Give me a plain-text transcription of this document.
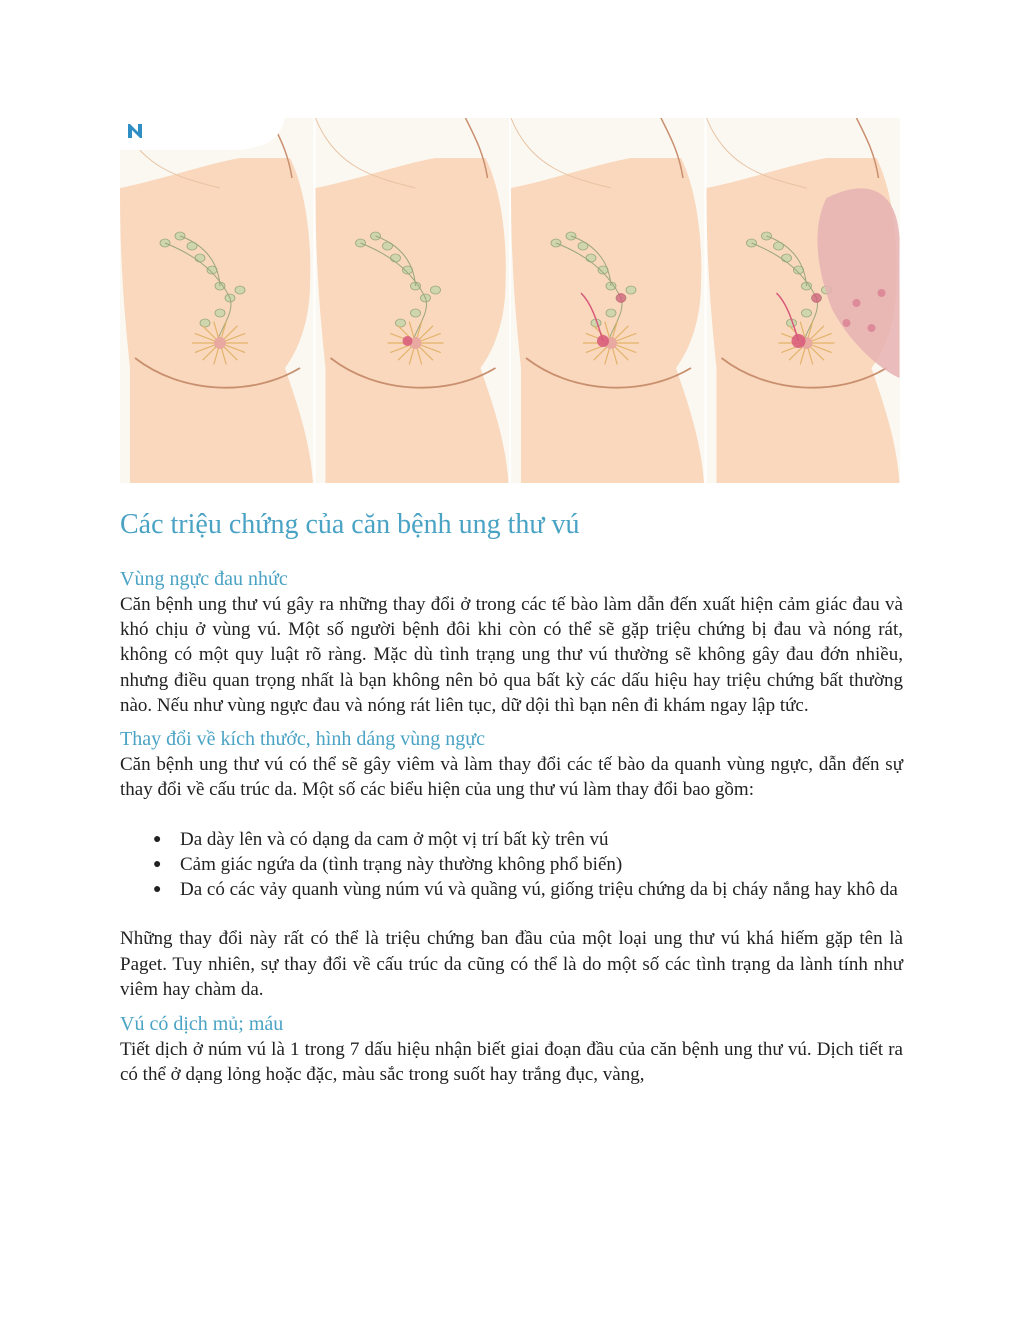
Các triệu chứng của căn bệnh ung thư vú
Vùng ngực đau nhức

Căn bệnh ung thư vú gây ra những thay đổi ở trong các tế bào làm dẫn đến xuất hiện cảm giác đau và khó chịu ở vùng vú. Một số người bệnh đôi khi còn có thể sẽ gặp triệu chứng bị đau và nóng rát, không có một quy luật rõ ràng. Mặc dù tình trạng ung thư vú thường sẽ không gây đau đớn nhiều, nhưng điều quan trọng nhất là bạn không nên bỏ qua bất kỳ các dấu hiệu hay triệu chứng bất thường nào. Nếu như vùng ngực đau và nóng rát liên tục, dữ dội thì bạn nên đi khám ngay lập tức.

Thay đổi về kích thước, hình dáng vùng ngực

Căn bệnh ung thư vú có thể sẽ gây viêm và làm thay đổi các tế bào da quanh vùng ngực, dẫn đến sự thay đổi về cấu trúc da. Một số các biểu hiện của ung thư vú làm thay đổi bao gồm:

● Da dày lên và có dạng da cam ở một vị trí bất kỳ trên vú
● Cảm giác ngứa da (tình trạng này thường không phổ biến)
● Da có các vảy quanh vùng núm vú và quầng vú, giống triệu chứng da bị cháy nắng hay khô da

Những thay đổi này rất có thể là triệu chứng ban đầu của một loại ung thư vú khá hiếm gặp tên là Paget. Tuy nhiên, sự thay đổi về cấu trúc da cũng có thể là do một số các tình trạng da lành tính như viêm hay chàm da.

Vú có dịch mủ; máu

Tiết dịch ở núm vú là 1 trong 7 dấu hiệu nhận biết giai đoạn đầu của căn bệnh ung thư vú. Dịch tiết ra có thể ở dạng lỏng hoặc đặc, màu sắc trong suốt hay trắng đục, vàng,
